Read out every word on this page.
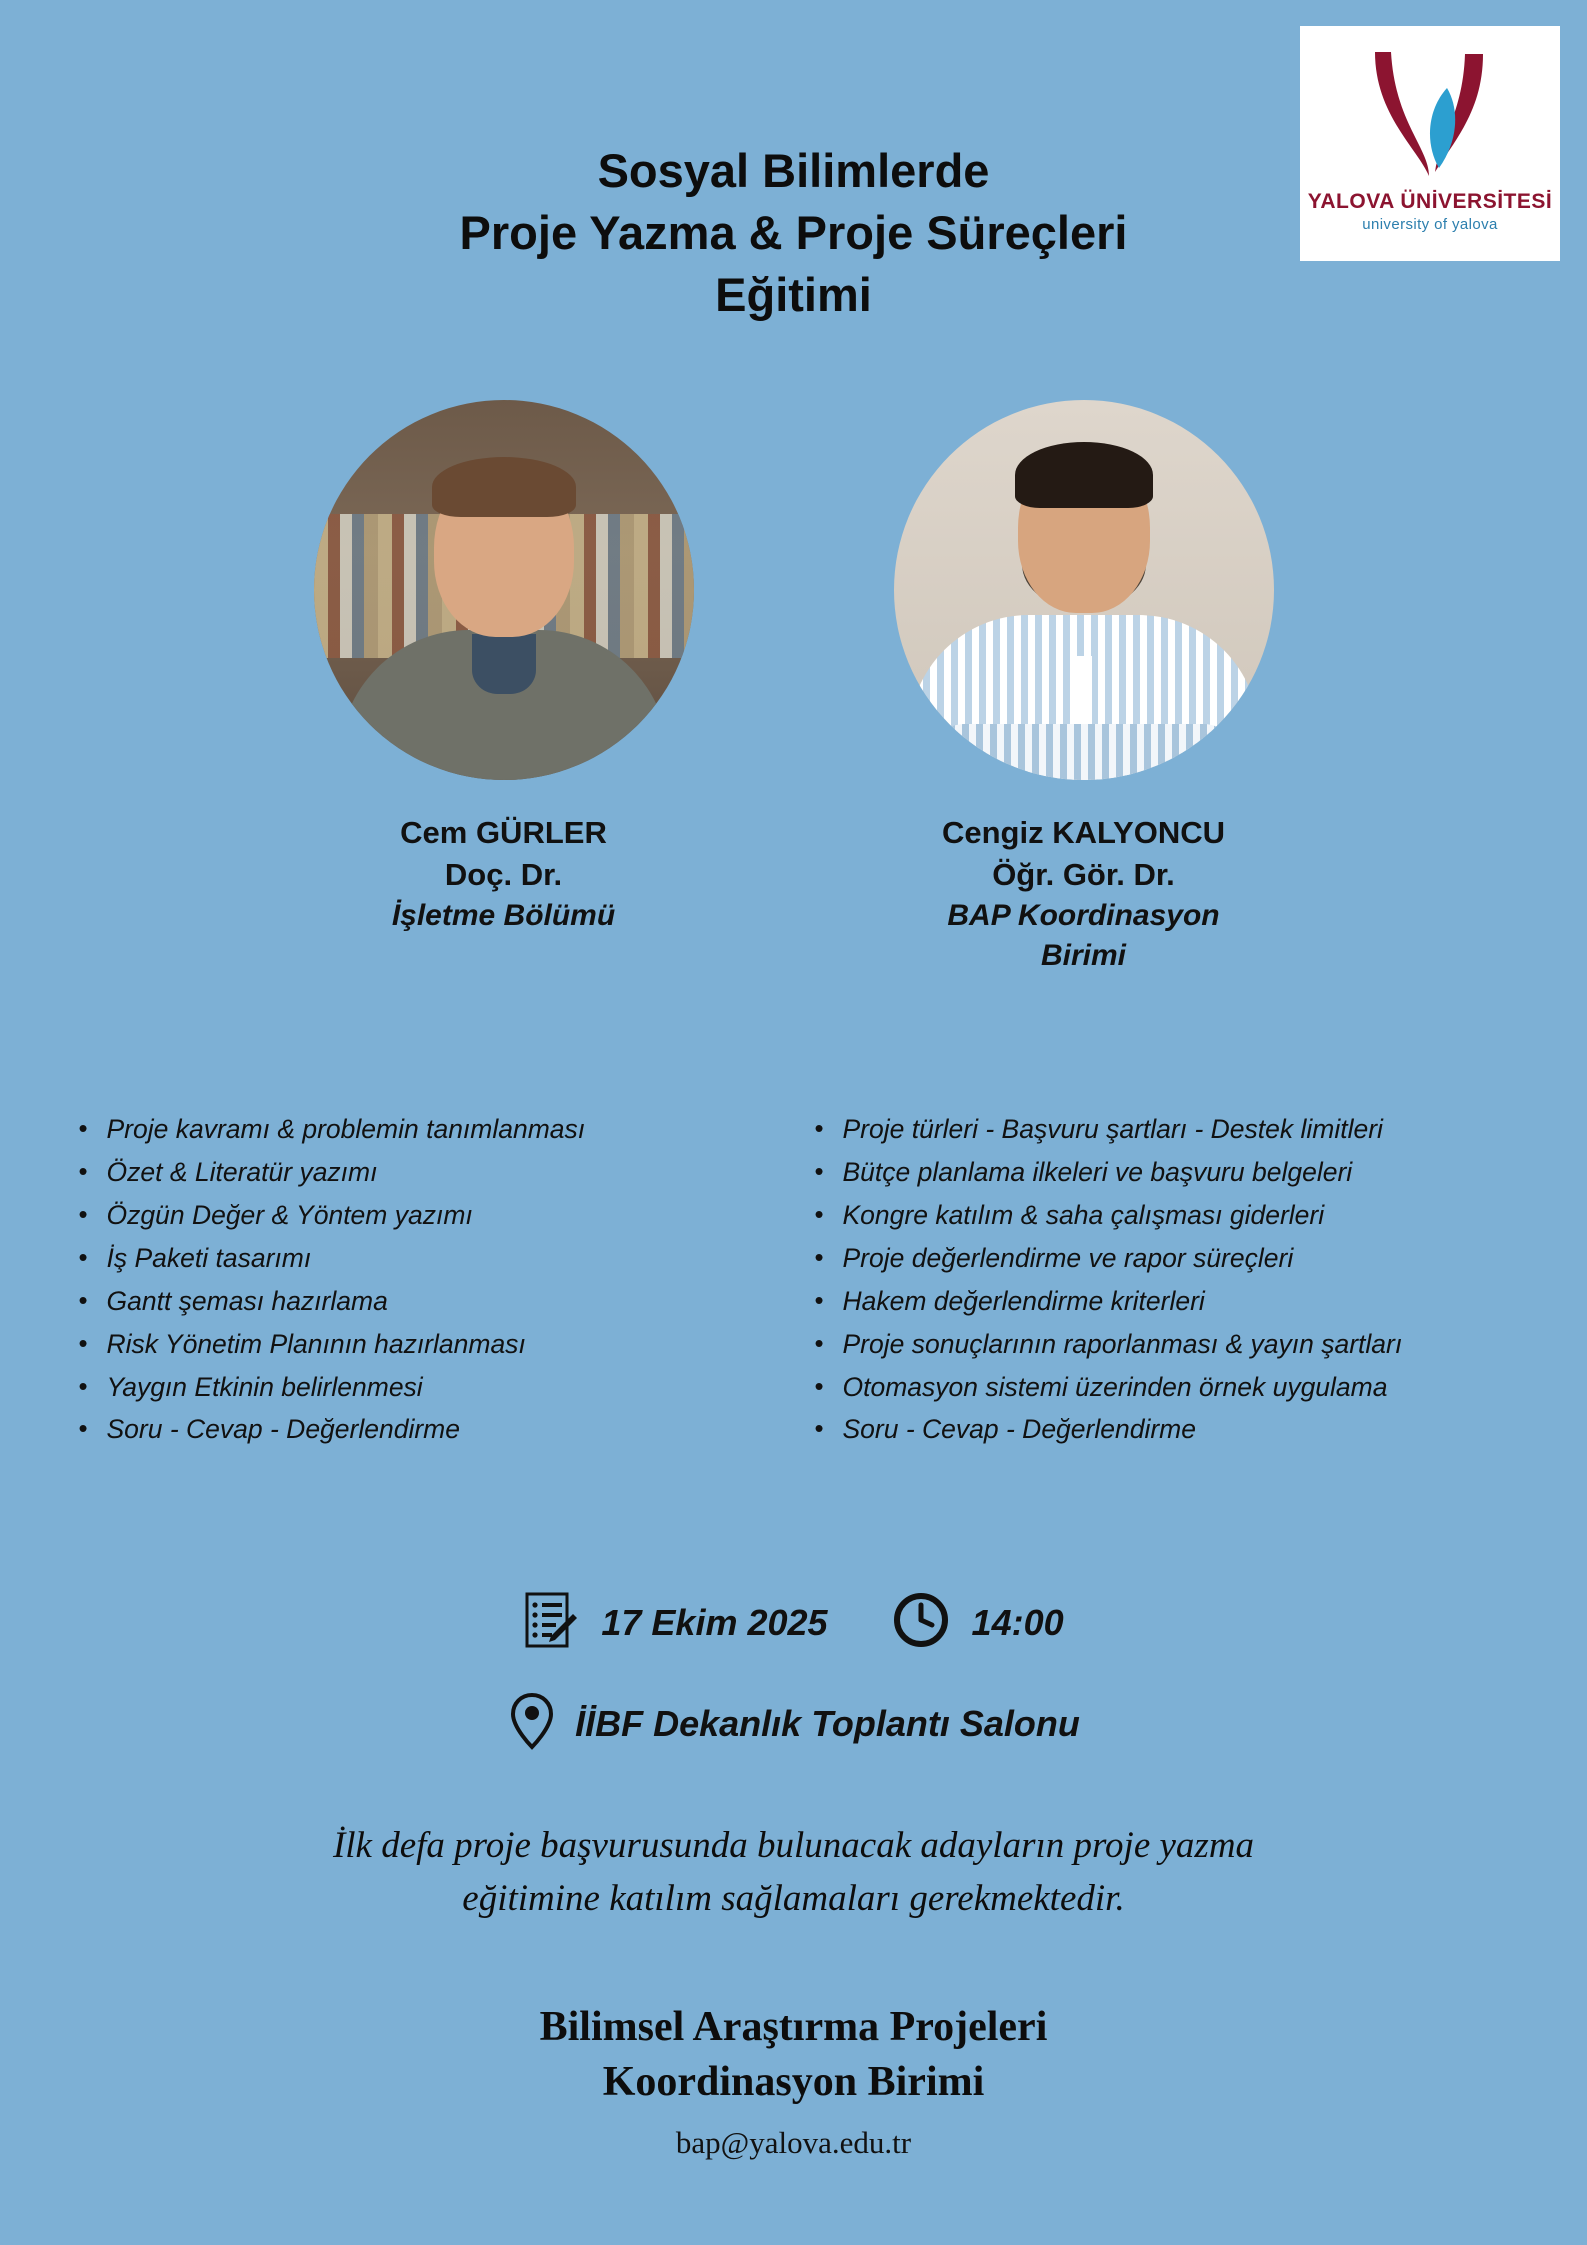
YALOVA ÜNİVERSİTESİ
university of yalova
Sosyal Bilimlerde
Proje Yazma & Proje Süreçleri
Eğitimi
Cem GÜRLER
Doç. Dr.
İşletme Bölümü
Cengiz KALYONCU
Öğr. Gör. Dr.
BAP Koordinasyon
Birimi
• Proje kavramı & problemin tanımlanması
• Özet & Literatür yazımı
• Özgün Değer & Yöntem yazımı
• İş Paketi tasarımı
• Gantt şeması hazırlama
• Risk Yönetim Planının hazırlanması
• Yaygın Etkinin belirlenmesi
• Soru - Cevap - Değerlendirme
• Proje türleri - Başvuru şartları - Destek limitleri
• Bütçe planlama ilkeleri ve başvuru belgeleri
• Kongre katılım & saha çalışması giderleri
• Proje değerlendirme ve rapor süreçleri
• Hakem değerlendirme kriterleri
• Proje sonuçlarının raporlanması & yayın şartları
• Otomasyon sistemi üzerinden örnek uygulama
• Soru - Cevap - Değerlendirme
17 Ekim 2025	14:00
İİBF Dekanlık Toplantı Salonu
İlk defa proje başvurusunda bulunacak adayların proje yazma
eğitimine katılım sağlamaları gerekmektedir.
Bilimsel Araştırma Projeleri
Koordinasyon Birimi
bap@yalova.edu.tr
